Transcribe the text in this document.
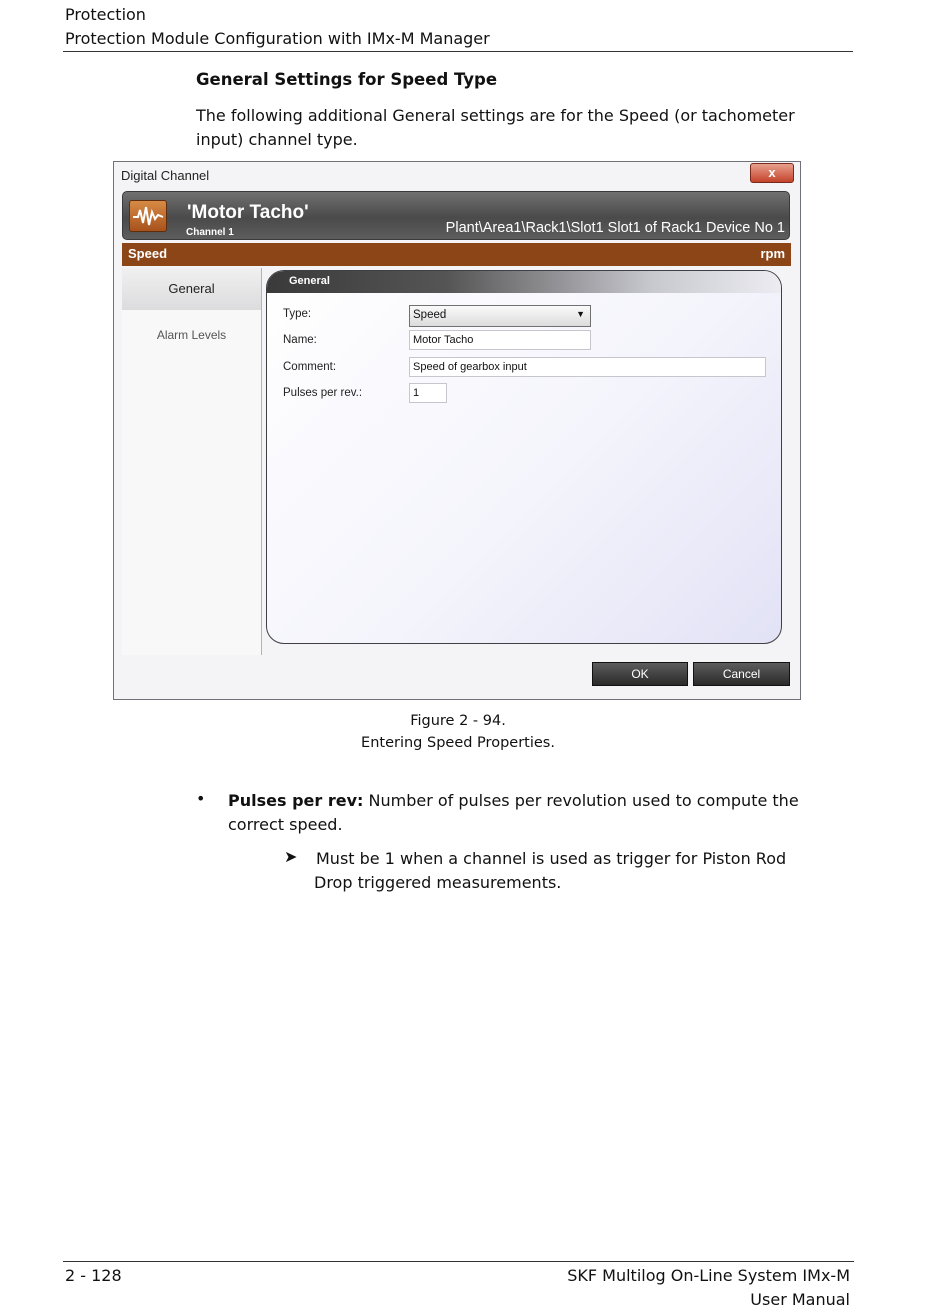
Protection
Protection Module Configuration with IMx-M Manager
General Settings for Speed Type
The following additional General settings are for the Speed (or tachometer input) channel type.
Digital Channel	x
'Motor Tacho'
Channel 1	Plant\Area1\Rack1\Slot1 Slot1 of Rack1 Device No 1
Speed	rpm
General
Alarm Levels
General
Type:	Speed	▼
Name:	Motor Tacho
Comment:	Speed of gearbox input
Pulses per rev.:	1
OK	Cancel
Figure 2 - 94.
Entering Speed Properties.
• Pulses per rev: Number of pulses per revolution used to compute the correct speed.
➤ Must be 1 when a channel is used as trigger for Piston Rod Drop triggered measurements.
2 - 128	SKF Multilog On-Line System IMx-M
User Manual
